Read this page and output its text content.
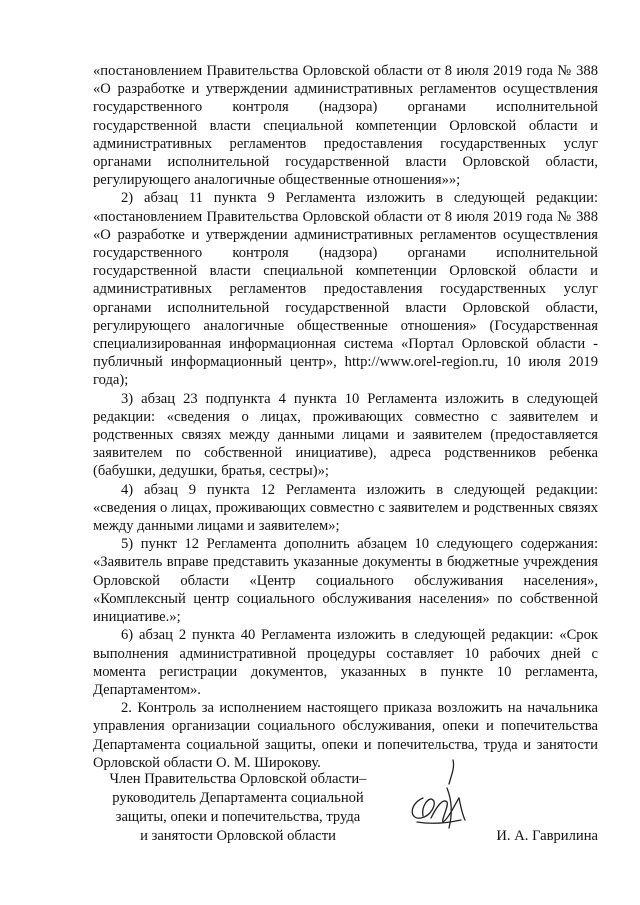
«постановлением Правительства Орловской области от 8 июля 2019 года № 388 «О разработке и утверждении административных регламентов осуществления государственного контроля (надзора) органами исполнительной государственной власти специальной компетенции Орловской области и административных регламентов предоставления государственных услуг органами исполнительной государственной власти Орловской области, регулирующего аналогичные общественные отношения»»;

2) абзац 11 пункта 9 Регламента изложить в следующей редакции: «постановлением Правительства Орловской области от 8 июля 2019 года № 388 «О разработке и утверждении административных регламентов осуществления государственного контроля (надзора) органами исполнительной государственной власти специальной компетенции Орловской области и административных регламентов предоставления государственных услуг органами исполнительной государственной власти Орловской области, регулирующего аналогичные общественные отношения» (Государственная специализированная информационная система «Портал Орловской области - публичный информационный центр», http://www.orel-region.ru, 10 июля 2019 года);

3) абзац 23 подпункта 4 пункта 10 Регламента изложить в следующей редакции: «сведения о лицах, проживающих совместно с заявителем и родственных связях между данными лицами и заявителем (предоставляется заявителем по собственной инициативе), адреса родственников ребенка (бабушки, дедушки, братья, сестры)»;

4) абзац 9 пункта 12 Регламента изложить в следующей редакции: «сведения о лицах, проживающих совместно с заявителем и родственных связях между данными лицами и заявителем»;

5) пункт 12 Регламента дополнить абзацем 10 следующего содержания: «Заявитель вправе представить указанные документы в бюджетные учреждения Орловской области «Центр социального обслуживания населения», «Комплексный центр социального обслуживания населения» по собственной инициативе.»;

6) абзац 2 пункта 40 Регламента изложить в следующей редакции: «Срок выполнения административной процедуры составляет 10 рабочих дней с момента регистрации документов, указанных в пункте 10 регламента, Департаментом».

2. Контроль за исполнением настоящего приказа возложить на начальника управления организации социального обслуживания, опеки и попечительства Департамента социальной защиты, опеки и попечительства, труда и занятости Орловской области О. М. Широкову.

Член Правительства Орловской области–
руководитель Департамента социальной
защиты, опеки и попечительства, труда
и занятости Орловской области	И. А. Гаврилина
